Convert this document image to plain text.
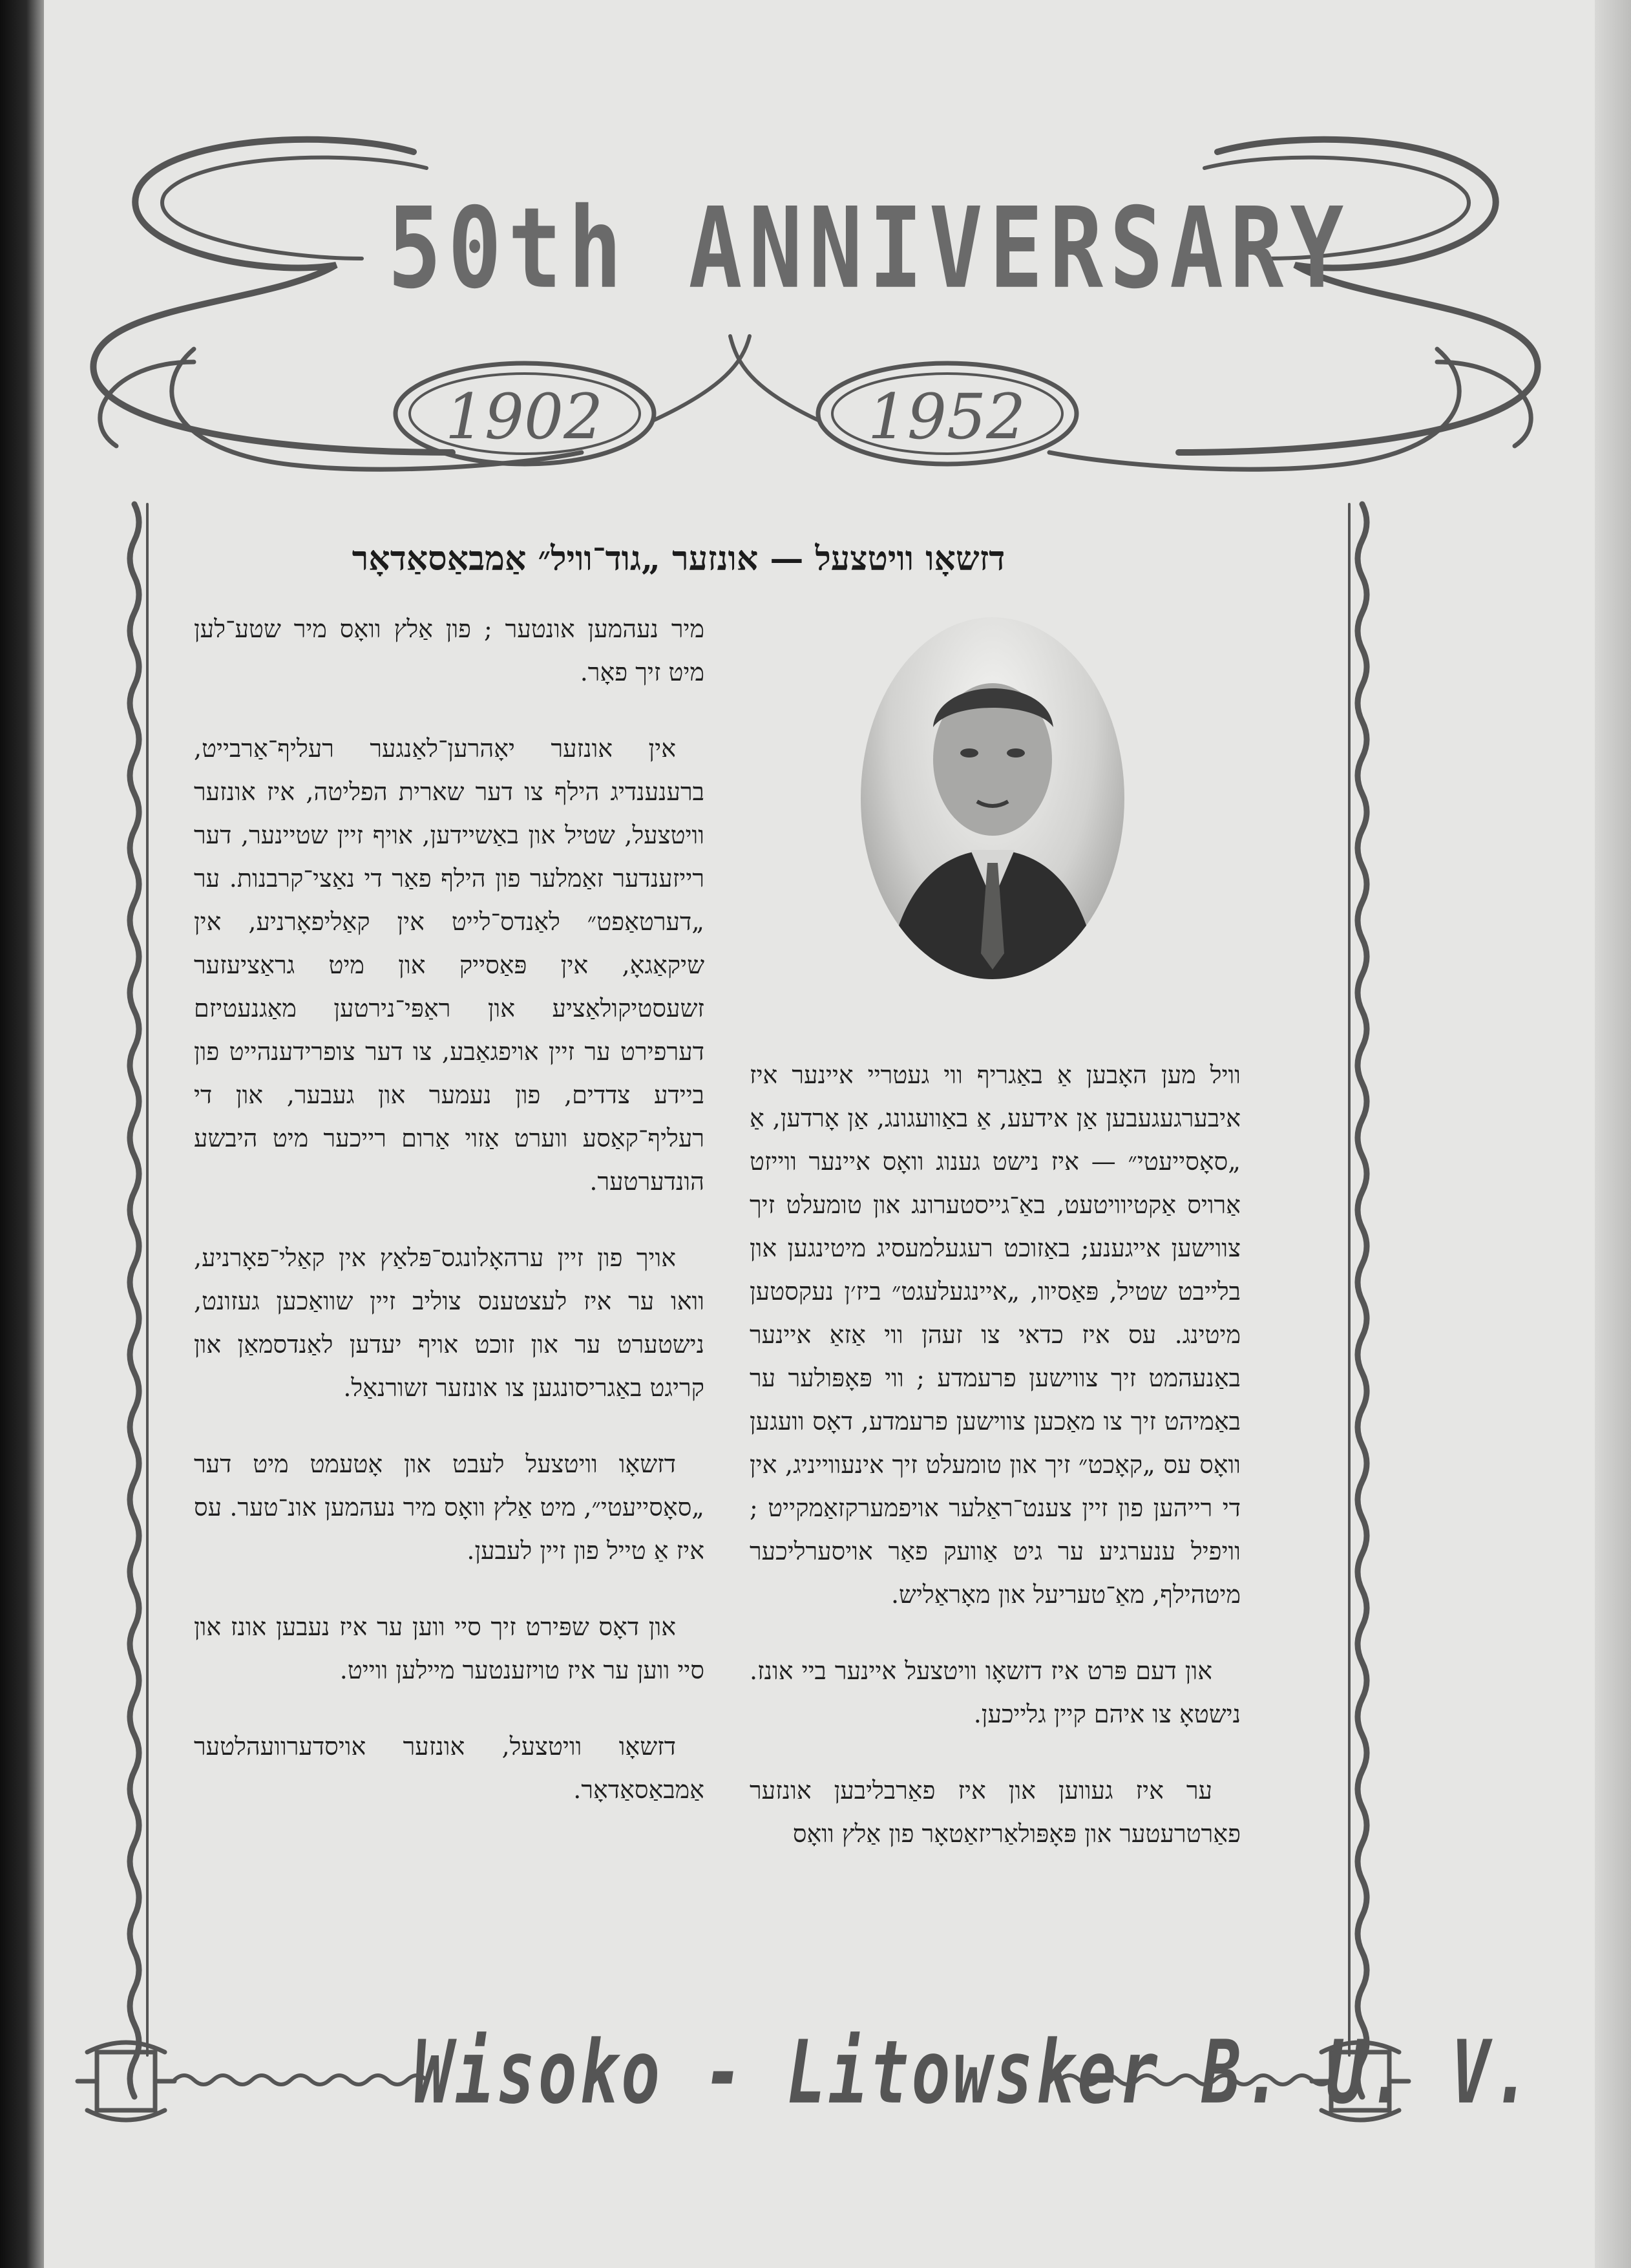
50th ANNIVERSARY
1902	1952
דזשאָו וויטצעל — אונזער „גוד־וויל״ אַמבאַסאַדאָר

מיר נעהמען אונטער ; פון אַלץ וואָס מיר שטע־לען מיט זיך פאָר.

אין אונזער יאָהרען־לאַנגער רעליף־אַרבייט, ברענענדיג הילף צו דער שארית הפליטה, איז אונזער וויטצעל, שטיל און באַשיידען, אויף זיין שטיינער, דער רייזענדער זאַמלער פון הילף פאַר די נאַצי־קרבנות. ער „דערטאַפט״ לאַנדס־לייט אין קאַליפאָרניע, אין שיקאַגאָ, אין פּאַסייק און מיט גראַציעזער זשעסטיקולאַציע און ראַפּי־נירטען מאַגנעטיזם דערפירט ער זיין אויפגאַבע, צו דער צופרידענהייט פון ביידע צדדים, פון נעמער און געבער, און די רעליף־קאַסע ווערט אַזוי אַרום רייכער מיט היבשע הונדערטער.

אויך פון זיין ערהאָלונגס־פּלאַץ אין קאַלי־פאָרניע, וואו ער איז לעצטענס צוליב זיין שוואַכען געזונט, נישטערט ער און זוכט אויף יעדען לאַנדסמאַן און קריגט באַגריסונגען צו אונזער זשורנאַל.

דזשאָו וויטצעל לעבט און אָטעמט מיט דער „סאָסייעטי״, מיט אַלץ וואָס מיר נעהמען אונ־טער. עס איז אַ טייל פון זיין לעבען.

און דאָס שפּירט זיך סיי ווען ער איז נעבען אונז און סיי ווען ער איז טויזענטער מיילען ווייט.

דזשאָו וויטצעל, אונזער אויסדערוועהלטער אַמבאַסאַדאָר.

וויל מען האָבען אַ באַגריף ווי געטריי איינער איז איבערגעגעבען אַן אידעע, אַ באַוועגונג, אַן אָרדען, אַ „סאָסייעטי״ — איז נישט גענוג וואָס איינער ווייזט אַרויס אַקטיוויטעט, באַ־גייסטערונג און טומעלט זיך צווישען אייגענע; באַזוכט רעגעלמעסיג מיטינגען און בלייבט שטיל, פּאַסיוו, „איינגעלעגט״ ביז׳ן נעקסטען מיטינג. עס איז כדאי צו זעהן ווי אַזאַ איינער באַנעהמט זיך צווישען פרעמדע ; ווי פּאָפּולער ער באַמיהט זיך צו מאַכען צווישען פרעמדע, דאָס וועגען וואָס עס „קאָכט״ זיך און טומעלט זיך אינעווייניג, אין די רייהען פון זיין צענט־ראַלער אויפמערקזאַמקייט ; וויפיל ענערגיע ער גיט אַוועק פאַר אויסערליכער מיטהילף, מאַ־טעריעל און מאָראַליש.

און דעם פּרט איז דזשאָו וויטצעל איינער ביי אונז. נישטאָ צו איהם קיין גלייכען.

ער איז געווען און איז פאַרבליבען אונזער פאַרטרעטער און פּאָפּולאַריזאַטאָר פון אַלץ וואָס

Wisoko - Litowsker B. U. V.
